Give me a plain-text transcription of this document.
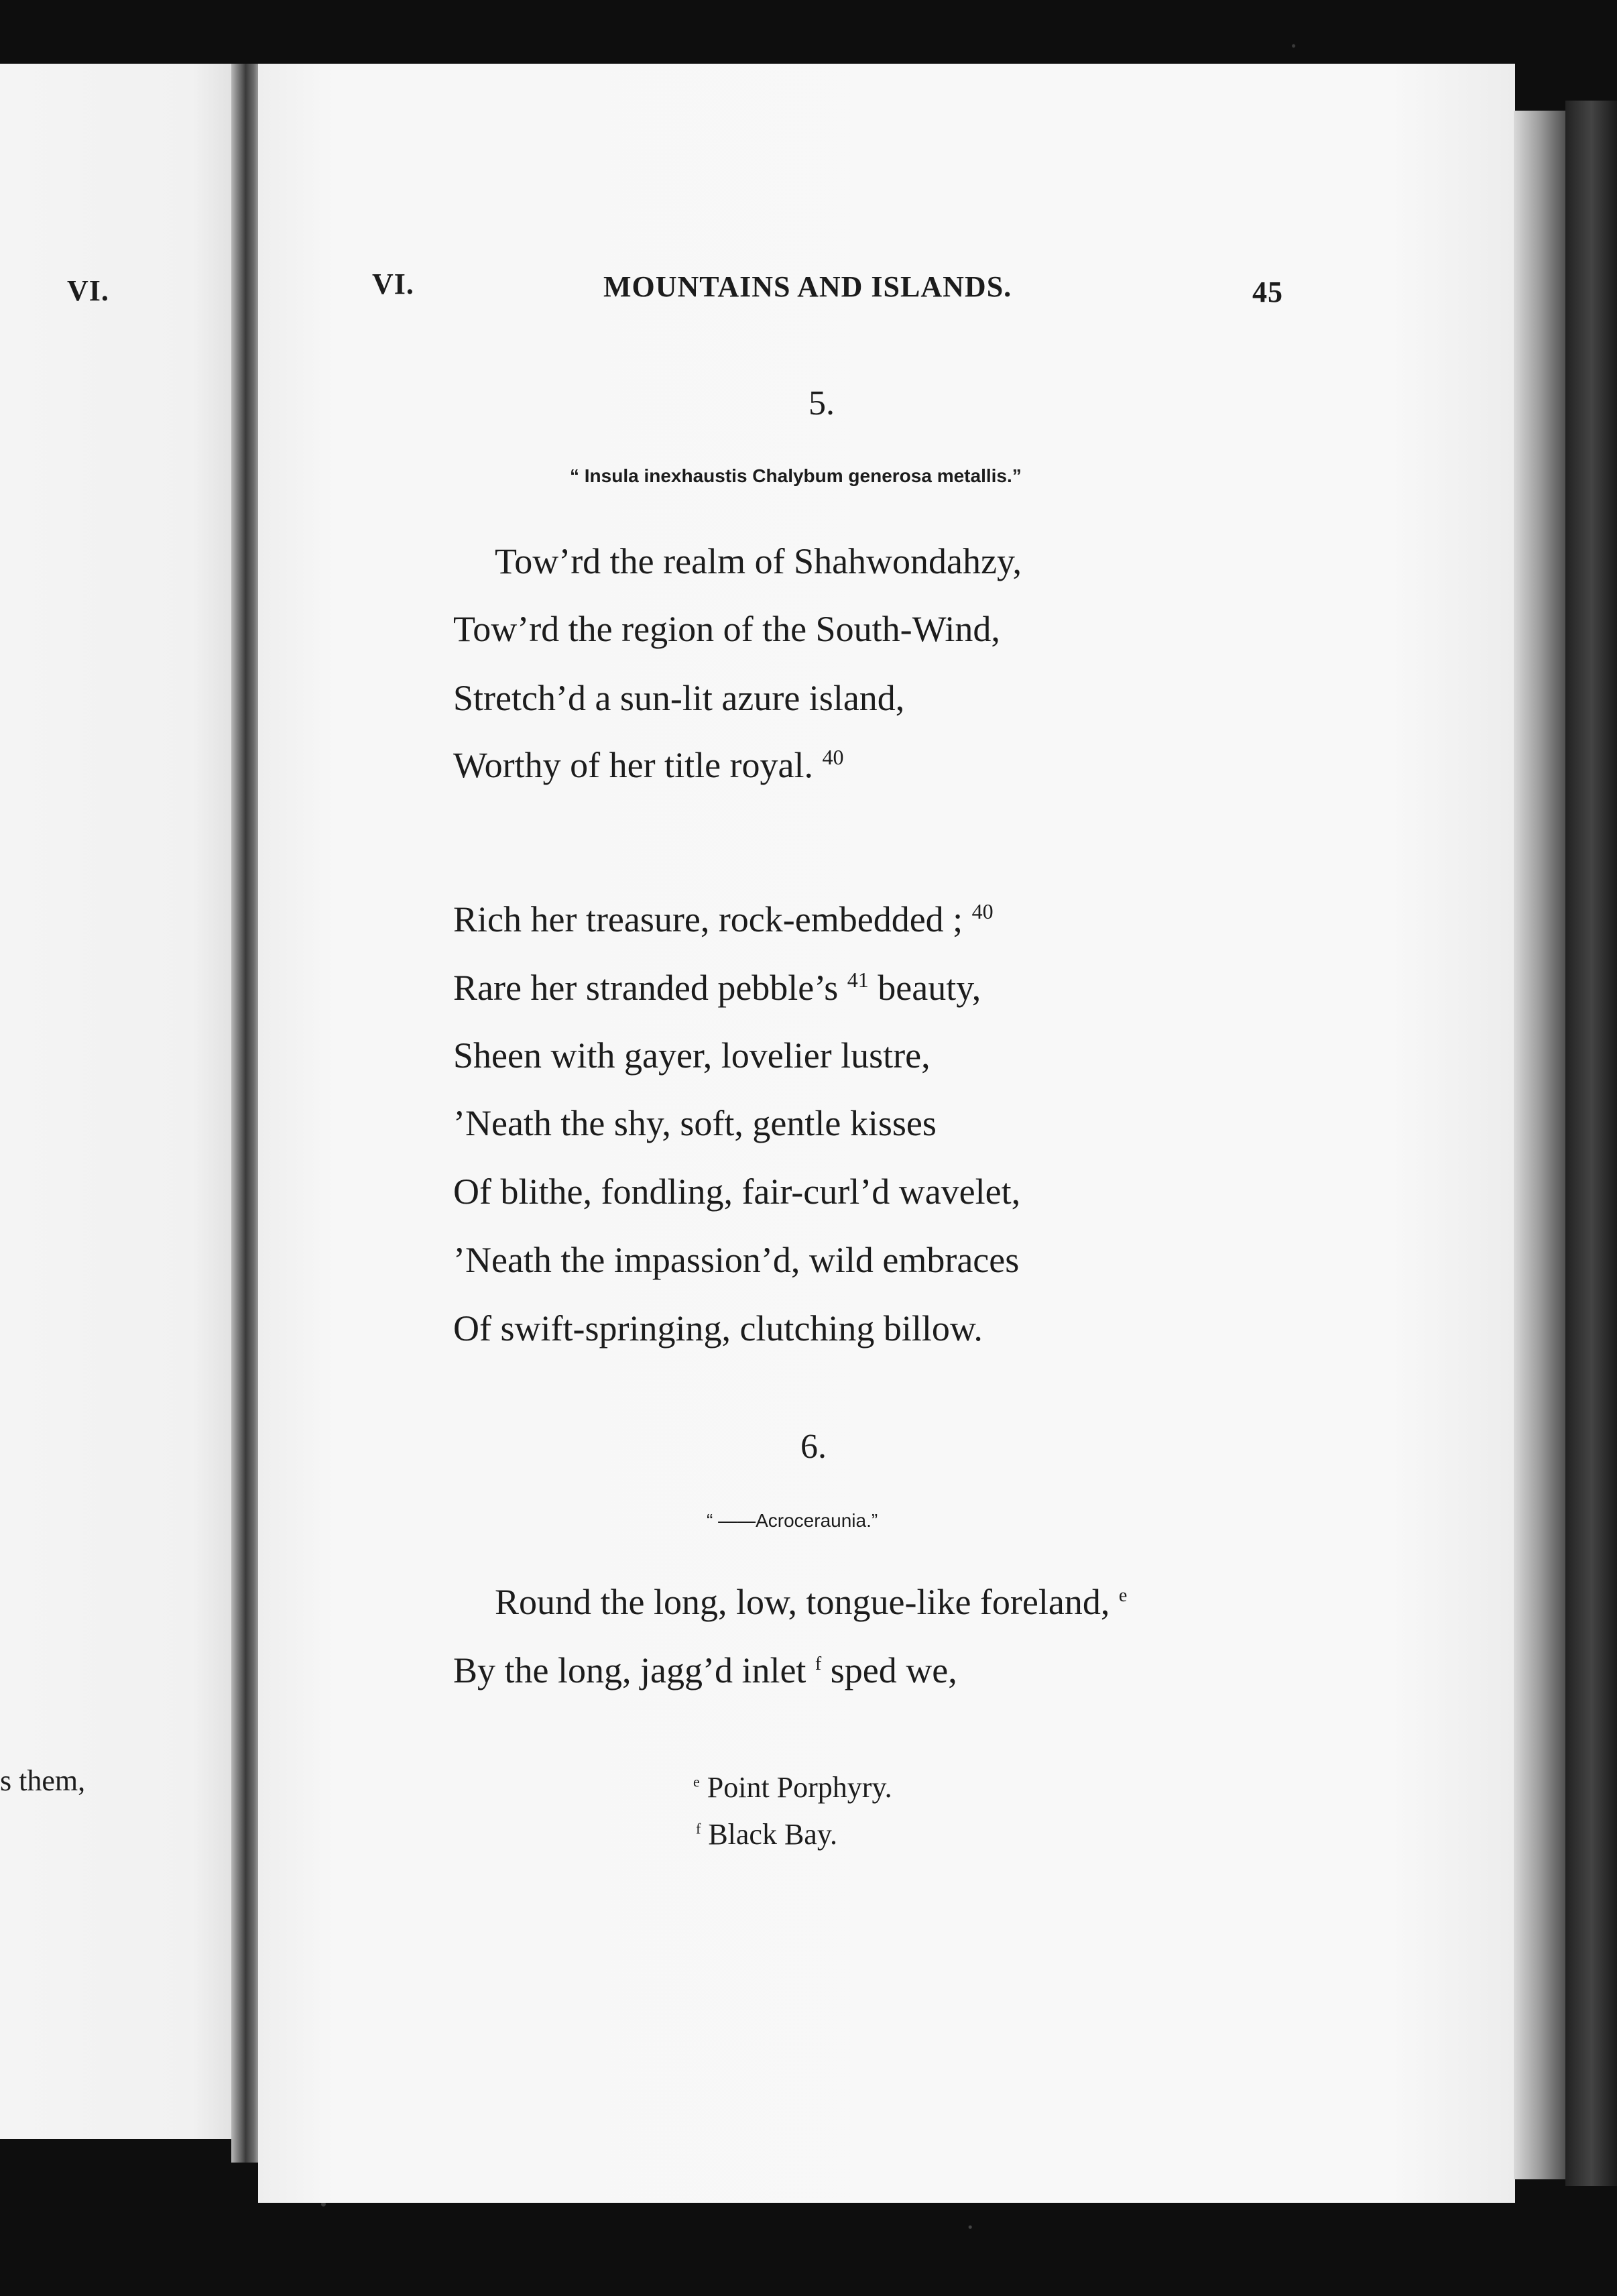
VI.
s them,
VI.	MOUNTAINS AND ISLANDS.	45
5.
“ Insula inexhaustis Chalybum generosa metallis.”
Tow’rd the realm of Shahwondahzy,
Tow’rd the region of the South-Wind,
Stretch’d a sun-lit azure island,
Worthy of her title royal. $^{40}$
Rich her treasure, rock-embedded ; $^{40}$
Rare her stranded pebble’s $^{41}$ beauty,
Sheen with gayer, lovelier lustre,
’Neath the shy, soft, gentle kisses
Of blithe, fondling, fair-curl’d wavelet,
’Neath the impassion’d, wild embraces
Of swift-springing, clutching billow.
6.
“ ——Acroceraunia.”
Round the long, low, tongue-like foreland, $^e$
By the long, jagg’d inlet $^f$ sped we,
$^e$ Point Porphyry.
$^f$ Black Bay.
